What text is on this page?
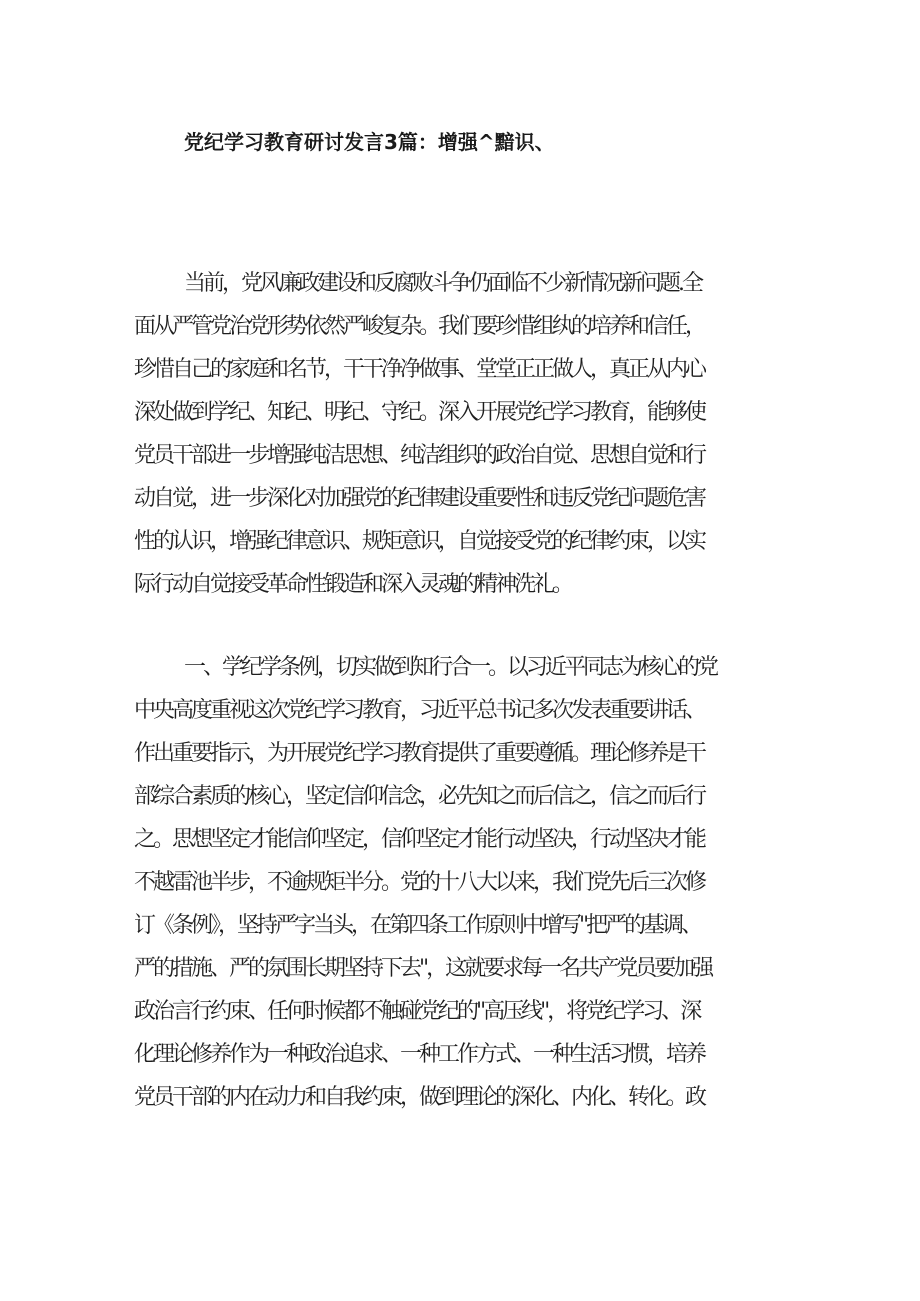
党纪学习教育研讨发言3篇：增强^黯识、

当前，党风廉政建设和反腐败斗争仍面临不少新情况新问题.全

面从严管党治党形势依然严峻复杂。我们要珍惜组纨的培养和信任，

珍惜自己的家庭和名节，干干净净做事、堂堂正正做人，真正从内心

深处做到学纪、知纪、明纪、守纪。深入开展党纪学习教育，能够使

党员干部进一步增强纯洁思想、纯洁组织的政治自觉、思想自觉和行

动自觉，进一步深化对加强党的纪律建设重要性和违反党纪问题危害

性的认识，增强纪律意识、规矩意识，自觉接受党的纪律约束，以实

际行动自觉接受革命性锻造和深入灵魂的精神洗礼。

一、学纪学条例，切实做到知行合一。以习近平同志为核心的党

中央高度重视这次党纪学习教育，习近平总书记多次发表重要讲话、

作出重要指示，为开展党纪学习教育提供了重要遵循。理论修养是干

部综合素质的核心，坚定信仰信念，必先知之而后信之，信之而后行

之。思想坚定才能信仰坚定，信仰坚定才能行动坚决，行动坚决才能

不越雷池半步，不逾规矩半分。党的十八大以来，我们党先后三次修

订《条例》，坚持严字当头，在第四条工作原则中增写"把严的基调、

严的措施、严的氛围长期坚持下去"，这就要求每一名共产党员要加强

政治言行约束、任何时候都不触碰党纪的"高压线"，将党纪学习、深

化理论修养作为一种政治追求、一种工作方式、一种生活习惯，培养

党员干部的内在动力和自我约束，做到理论的深化、内化、转化。政
